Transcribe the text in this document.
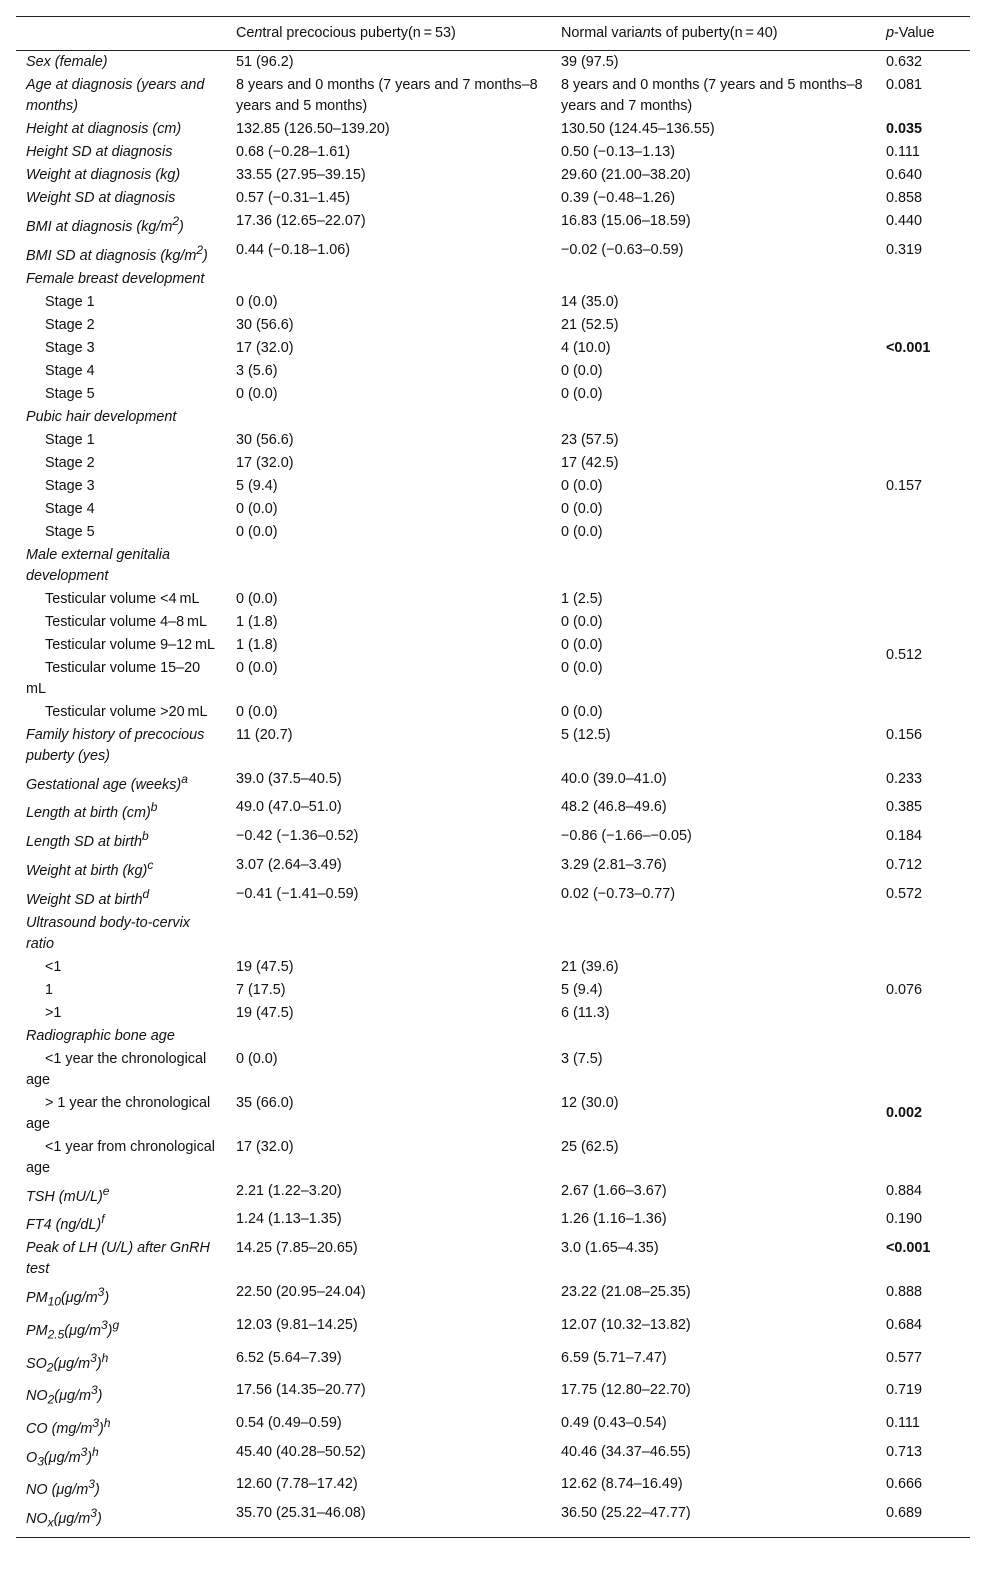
	Central precocious puberty(n = 53)	Normal variants of puberty(n = 40)	p-Value
Sex (female)	51 (96.2)	39 (97.5)	0.632
Age at diagnosis (years and months)	8 years and 0 months (7 years and 7 months–8 years and 5 months)	8 years and 0 months (7 years and 5 months–8 years and 7 months)	0.081
Height at diagnosis (cm)	132.85 (126.50–139.20)	130.50 (124.45–136.55)	0.035
Height SD at diagnosis	0.68 (−0.28–1.61)	0.50 (−0.13–1.13)	0.111
Weight at diagnosis (kg)	33.55 (27.95–39.15)	29.60 (21.00–38.20)	0.640
Weight SD at diagnosis	0.57 (−0.31–1.45)	0.39 (−0.48–1.26)	0.858
BMI at diagnosis $(kg/m^2)$	17.36 (12.65–22.07)	16.83 (15.06–18.59)	0.440
BMI SD at diagnosis $(kg/m^2)$	0.44 (−0.18–1.06)	−0.02 (−0.63–0.59)	0.319
Female breast development			
Stage 1	0 (0.0)	14 (35.0)	<0.001
Stage 2	30 (56.6)	21 (52.5)	
Stage 3	17 (32.0)	4 (10.0)	
Stage 4	3 (5.6)	0 (0.0)	
Stage 5	0 (0.0)	0 (0.0)	
Pubic hair development			
Stage 1	30 (56.6)	23 (57.5)	0.157
Stage 2	17 (32.0)	17 (42.5)	
Stage 3	5 (9.4)	0 (0.0)	
Stage 4	0 (0.0)	0 (0.0)	
Stage 5	0 (0.0)	0 (0.0)	
Male external genitalia development			
Testicular volume <4 mL	0 (0.0)	1 (2.5)	0.512
Testicular volume 4–8 mL	1 (1.8)	0 (0.0)	
Testicular volume 9–12 mL	1 (1.8)	0 (0.0)	
Testicular volume 15–20 mL	0 (0.0)	0 (0.0)	
Testicular volume >20 mL	0 (0.0)	0 (0.0)	
Family history of precocious puberty (yes)	11 (20.7)	5 (12.5)	0.156
Gestational age (weeks)$^a$	39.0 (37.5–40.5)	40.0 (39.0–41.0)	0.233
Length at birth (cm)$^b$	49.0 (47.0–51.0)	48.2 (46.8–49.6)	0.385
Length SD at birth$^b$	−0.42 (−1.36–0.52)	−0.86 (−1.66–−0.05)	0.184
Weight at birth (kg)$^c$	3.07 (2.64–3.49)	3.29 (2.81–3.76)	0.712
Weight SD at birth$^d$	−0.41 (−1.41–0.59)	0.02 (−0.73–0.77)	0.572
Ultrasound body-to-cervix ratio			
<1	19 (47.5)	21 (39.6)	0.076
1	7 (17.5)	5 (9.4)	
>1	19 (47.5)	6 (11.3)	
Radiographic bone age			
<1 year the chronological age	0 (0.0)	3 (7.5)	0.002
> 1 year the chronological age	35 (66.0)	12 (30.0)	
<1 year from chronological age	17 (32.0)	25 (62.5)	
TSH $(mU/L)^e$	2.21 (1.22–3.20)	2.67 (1.66–3.67)	0.884
FT4 $(ng/dL)^f$	1.24 (1.13–1.35)	1.26 (1.16–1.36)	0.190
Peak of LH (U/L) after GnRH test	14.25 (7.85–20.65)	3.0 (1.65–4.35)	<0.001
$PM_{10}(\mu g/m^3)$	22.50 (20.95–24.04)	23.22 (21.08–25.35)	0.888
$PM_{2.5}(\mu g/m^3)^g$	12.03 (9.81–14.25)	12.07 (10.32–13.82)	0.684
$SO_2(\mu g/m^3)^h$	6.52 (5.64–7.39)	6.59 (5.71–7.47)	0.577
$NO_2(\mu g/m^3)$	17.56 (14.35–20.77)	17.75 (12.80–22.70)	0.719
CO $(mg/m^3)^h$	0.54 (0.49–0.59)	0.49 (0.43–0.54)	0.111
$O_3(\mu g/m^3)^h$	45.40 (40.28–50.52)	40.46 (34.37–46.55)	0.713
NO $(\mu g/m^3)$	12.60 (7.78–17.42)	12.62 (8.74–16.49)	0.666
$NO_x(\mu g/m^3)$	35.70 (25.31–46.08)	36.50 (25.22–47.77)	0.689
